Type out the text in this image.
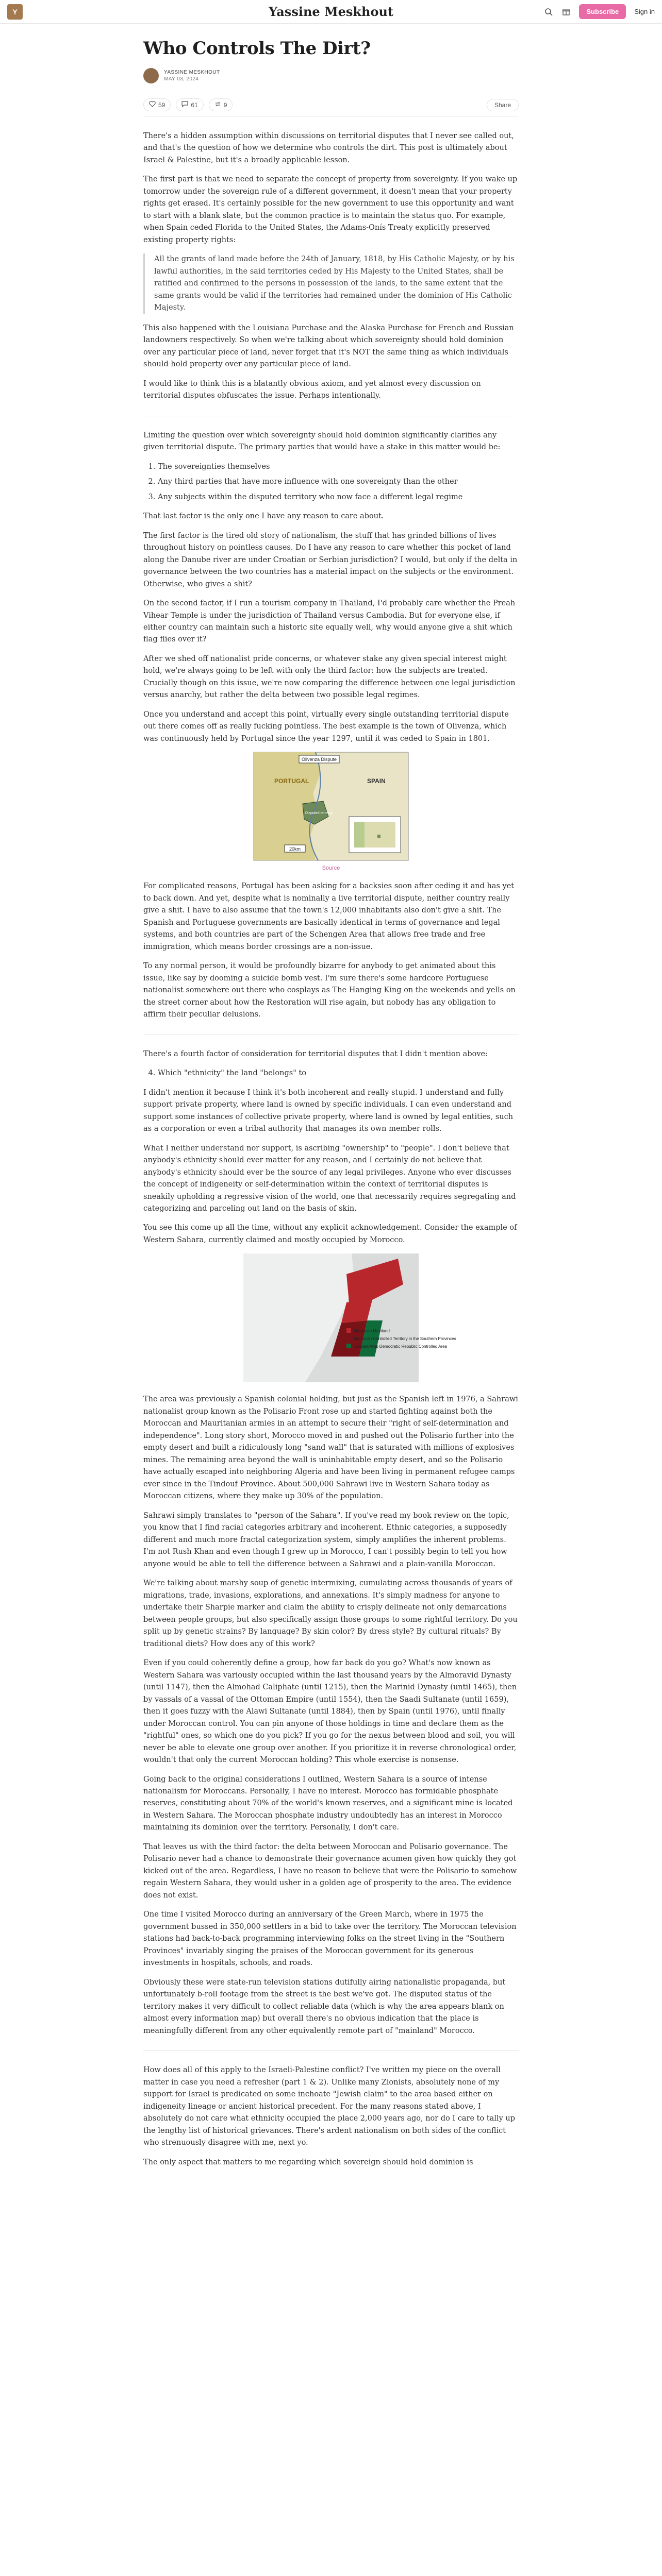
Y	Yassine Meskhout	Subscribe	Sign in
Who Controls The Dirt?
YASSINE MESKHOUT
MAY 03, 2024
59	61	9	Share

There's a hidden assumption within discussions on territorial disputes that I never see called out, and that's the question of how we determine who controls the dirt. This post is ultimately about Israel & Palestine, but it's a broadly applicable lesson.

The first part is that we need to separate the concept of property from sovereignty. If you wake up tomorrow under the sovereign rule of a different government, it doesn't mean that your property rights get erased. It's certainly possible for the new government to use this opportunity and want to start with a blank slate, but the common practice is to maintain the status quo. For example, when Spain ceded Florida to the United States, the Adams-Onís Treaty explicitly preserved existing property rights:

All the grants of land made before the 24th of January, 1818, by His Catholic Majesty, or by his lawful authorities, in the said territories ceded by His Majesty to the United States, shall be ratified and confirmed to the persons in possession of the lands, to the same extent that the same grants would be valid if the territories had remained under the dominion of His Catholic Majesty.

This also happened with the Louisiana Purchase and the Alaska Purchase for French and Russian landowners respectively. So when we're talking about which sovereignty should hold dominion over any particular piece of land, never forget that it's NOT the same thing as which individuals should hold property over any particular piece of land.

I would like to think this is a blatantly obvious axiom, and yet almost every discussion on territorial disputes obfuscates the issue. Perhaps intentionally.

Limiting the question over which sovereignty should hold dominion significantly clarifies any given territorial dispute. The primary parties that would have a stake in this matter would be:

1. The sovereignties themselves
2. Any third parties that have more influence with one sovereignty than the other
3. Any subjects within the disputed territory who now face a different legal regime

That last factor is the only one I have any reason to care about.

The first factor is the tired old story of nationalism, the stuff that has grinded billions of lives throughout history on pointless causes. Do I have any reason to care whether this pocket of land along the Danube river are under Croatian or Serbian jurisdiction? I would, but only if the delta in governance between the two countries has a material impact on the subjects or the environment. Otherwise, who gives a shit?

On the second factor, if I run a tourism company in Thailand, I'd probably care whether the Preah Vihear Temple is under the jurisdiction of Thailand versus Cambodia. But for everyone else, if either country can maintain such a historic site equally well, why would anyone give a shit which flag flies over it?

After we shed off nationalist pride concerns, or whatever stake any given special interest might hold, we're always going to be left with only the third factor: how the subjects are treated. Crucially though on this issue, we're now comparing the difference between one legal jurisdiction versus anarchy, but rather the delta between two possible legal regimes.

Once you understand and accept this point, virtually every single outstanding territorial dispute out there comes off as really fucking pointless. The best example is the town of Olivenza, which was continuously held by Portugal since the year 1297, until it was ceded to Spain in 1801.

Olivenza Dispute
PORTUGAL	SPAIN
Disputed territory
20km
Source

For complicated reasons, Portugal has been asking for a backsies soon after ceding it and has yet to back down. And yet, despite what is nominally a live territorial dispute, neither country really give a shit. I have to also assume that the town's 12,000 inhabitants also don't give a shit. The Spanish and Portuguese governments are basically identical in terms of governance and legal systems, and both countries are part of the Schengen Area that allows free trade and free immigration, which means border crossings are a non-issue.

To any normal person, it would be profoundly bizarre for anybody to get animated about this issue, like say by dooming a suicide bomb vest. I'm sure there's some hardcore Portuguese nationalist somewhere out there who cosplays as The Hanging King on the weekends and yells on the street corner about how the Restoration will rise again, but nobody has any obligation to affirm their peculiar delusions.

There's a fourth factor of consideration for territorial disputes that I didn't mention above:

4. Which "ethnicity" the land "belongs" to

I didn't mention it because I think it's both incoherent and really stupid. I understand and fully support private property, where land is owned by specific individuals. I can even understand and support some instances of collective private property, where land is owned by legal entities, such as a corporation or even a tribal authority that manages its own member rolls.

What I neither understand nor support, is ascribing "ownership" to "people". I don't believe that anybody's ethnicity should ever matter for any reason, and I certainly do not believe that anybody's ethnicity should ever be the source of any legal privileges. Anyone who ever discusses the concept of indigeneity or self-determination within the context of territorial disputes is sneakily upholding a regressive vision of the world, one that necessarily requires segregating and categorizing and parceling out land on the basis of skin.

You see this come up all the time, without any explicit acknowledgement. Consider the example of Western Sahara, currently claimed and mostly occupied by Morocco.

Moroccan Mainland
Moroccan Controlled Territory in the Southern Provinces
Sahrawi Arab Democratic Republic Controlled Area

The area was previously a Spanish colonial holding, but just as the Spanish left in 1976, a Sahrawi nationalist group known as the Polisario Front rose up and started fighting against both the Moroccan and Mauritanian armies in an attempt to secure their "right of self-determination and independence". Long story short, Morocco moved in and pushed out the Polisario further into the empty desert and built a ridiculously long "sand wall" that is saturated with millions of explosives mines. The remaining area beyond the wall is uninhabitable empty desert, and so the Polisario have actually escaped into neighboring Algeria and have been living in permanent refugee camps ever since in the Tindouf Province. About 500,000 Sahrawi live in Western Sahara today as Moroccan citizens, where they make up 30% of the population.

Sahrawi simply translates to "person of the Sahara". If you've read my book review on the topic, you know that I find racial categories arbitrary and incoherent. Ethnic categories, a supposedly different and much more fractal categorization system, simply amplifies the inherent problems. I'm not Rush Khan and even though I grew up in Morocco, I can't possibly begin to tell you how anyone would be able to tell the difference between a Sahrawi and a plain-vanilla Moroccan.

We're talking about marshy soup of genetic intermixing, cumulating across thousands of years of migrations, trade, invasions, explorations, and annexations. It's simply madness for anyone to undertake their Sharpie marker and claim the ability to crisply delineate not only demarcations between people groups, but also specifically assign those groups to some rightful territory. Do you split up by genetic strains? By language? By skin color? By dress style? By cultural rituals? By traditional diets? How does any of this work?

Even if you could coherently define a group, how far back do you go? What's now known as Western Sahara was variously occupied within the last thousand years by the Almoravid Dynasty (until 1147), then the Almohad Caliphate (until 1215), then the Marinid Dynasty (until 1465), then by vassals of a vassal of the Ottoman Empire (until 1554), then the Saadi Sultanate (until 1659), then it goes fuzzy with the Alawi Sultanate (until 1884), then by Spain (until 1976), until finally under Moroccan control. You can pin anyone of those holdings in time and declare them as the "rightful" ones, so which one do you pick? If you go for the nexus between blood and soil, you will never be able to elevate one group over another. If you prioritize it in reverse chronological order, wouldn't that only the current Moroccan holding? This whole exercise is nonsense.

Going back to the original considerations I outlined, Western Sahara is a source of intense nationalism for Moroccans. Personally, I have no interest. Morocco has formidable phosphate reserves, constituting about 70% of the world's known reserves, and a significant mine is located in Western Sahara. The Moroccan phosphate industry undoubtedly has an interest in Morocco maintaining its dominion over the territory. Personally, I don't care.

That leaves us with the third factor: the delta between Moroccan and Polisario governance. The Polisario never had a chance to demonstrate their governance acumen given how quickly they got kicked out of the area. Regardless, I have no reason to believe that were the Polisario to somehow regain Western Sahara, they would usher in a golden age of prosperity to the area. The evidence does not exist.

One time I visited Morocco during an anniversary of the Green March, where in 1975 the government bussed in 350,000 settlers in a bid to take over the territory. The Moroccan television stations had back-to-back programming interviewing folks on the street living in the "Southern Provinces" invariably singing the praises of the Moroccan government for its generous investments in hospitals, schools, and roads.

Obviously these were state-run television stations dutifully airing nationalistic propaganda, but unfortunately b-roll footage from the street is the best we've got. The disputed status of the territory makes it very difficult to collect reliable data (which is why the area appears blank on almost every information map) but overall there's no obvious indication that the place is meaningfully different from any other equivalently remote part of "mainland" Morocco.

How does all of this apply to the Israeli-Palestine conflict? I've written my piece on the overall matter in case you need a refresher (part 1 & 2). Unlike many Zionists, absolutely none of my support for Israel is predicated on some inchoate "Jewish claim" to the area based either on indigeneity lineage or ancient historical precedent. For the many reasons stated above, I absolutely do not care what ethnicity occupied the place 2,000 years ago, nor do I care to tally up the lengthy list of historical grievances. There's ardent nationalism on both sides of the conflict who strenuously disagree with me, next yo.

The only aspect that matters to me regarding which sovereign should hold dominion is
